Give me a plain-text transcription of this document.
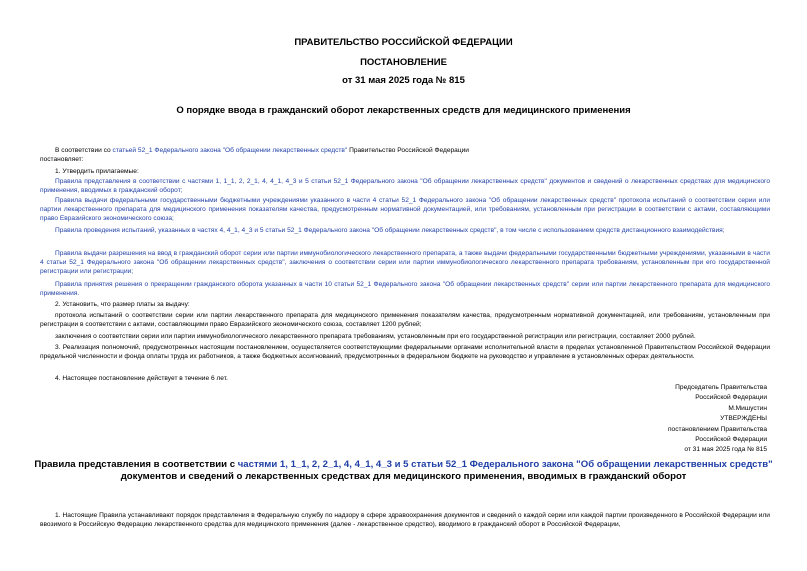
ПРАВИТЕЛЬСТВО РОССИЙСКОЙ ФЕДЕРАЦИИ
ПОСТАНОВЛЕНИЕ
от 31 мая 2025 года № 815
О порядке ввода в гражданский оборот лекарственных средств для медицинского применения
В соответствии со статьей 52_1 Федерального закона "Об обращении лекарственных средств" Правительство Российской Федерации
постановляет:
1. Утвердить прилагаемые:
Правила представления в соответствии с частями 1, 1_1, 2, 2_1, 4, 4_1, 4_3 и 5 статьи 52_1 Федерального закона "Об обращении лекарственных средств" документов и сведений о лекарственных средствах для медицинского применения, вводимых в гражданский оборот;
Правила выдачи федеральными государственными бюджетными учреждениями указанного в части 4 статьи 52_1 Федерального закона "Об обращении лекарственных средств" протокола испытаний о соответствии серии или партии лекарственного препарата для медицинского применения показателям качества, предусмотренным нормативной документацией, или требованиям, установленным при регистрации в соответствии с актами, составляющими право Евразийского экономического союза;
Правила проведения испытаний, указанных в частях 4, 4_1, 4_3 и 5 статьи 52_1 Федерального закона "Об обращении лекарственных средств", в том числе с использованием средств дистанционного взаимодействия;
Правила выдачи разрешения на ввод в гражданский оборот серии или партии иммунобиологического лекарственного препарата, а также выдачи федеральными государственными бюджетными учреждениями, указанными в части 4 статьи 52_1 Федерального закона "Об обращении лекарственных средств", заключения о соответствии серии или партии иммунобиологического лекарственного препарата требованиям, установленным при его государственной регистрации или регистрации;
Правила принятия решения о прекращении гражданского оборота указанных в части 10 статьи 52_1 Федерального закона "Об обращении лекарственных средств" серии или партии лекарственного препарата для медицинского применения.
2. Установить, что размер платы за выдачу:
протокола испытаний о соответствии серии или партии лекарственного препарата для медицинского применения показателям качества, предусмотренным нормативной документацией, или требованиям, установленным при регистрации в соответствии с актами, составляющими право Евразийского экономического союза, составляет 1200 рублей;
заключения о соответствии серии или партии иммунобиологического лекарственного препарата требованиям, установленным при его государственной регистрации или регистрации, составляет 2000 рублей.
3. Реализация полномочий, предусмотренных настоящим постановлением, осуществляется соответствующими федеральными органами исполнительной власти в пределах установленной Правительством Российской Федерации предельной численности и фонда оплаты труда их работников, а также бюджетных ассигнований, предусмотренных в федеральном бюджете на руководство и управление в установленных сферах деятельности.
4. Настоящее постановление действует в течение 6 лет.
Председатель Правительства
Российской Федерации
М.Мишустин
УТВЕРЖДЕНЫ
постановлением Правительства
Российской Федерации
от 31 мая 2025 года № 815
Правила представления в соответствии с частями 1, 1_1, 2, 2_1, 4, 4_1, 4_3 и 5 статьи 52_1 Федерального закона "Об обращении лекарственных средств"
документов и сведений о лекарственных средствах для медицинского применения, вводимых в гражданский оборот
1. Настоящие Правила устанавливают порядок представления в Федеральную службу по надзору в сфере здравоохранения документов и сведений о каждой серии или каждой партии произведенного в Российской Федерации или ввозимого в Российскую Федерацию лекарственного средства для медицинского применения (далее - лекарственное средство), вводимого в гражданский оборот в Российской Федерации,
